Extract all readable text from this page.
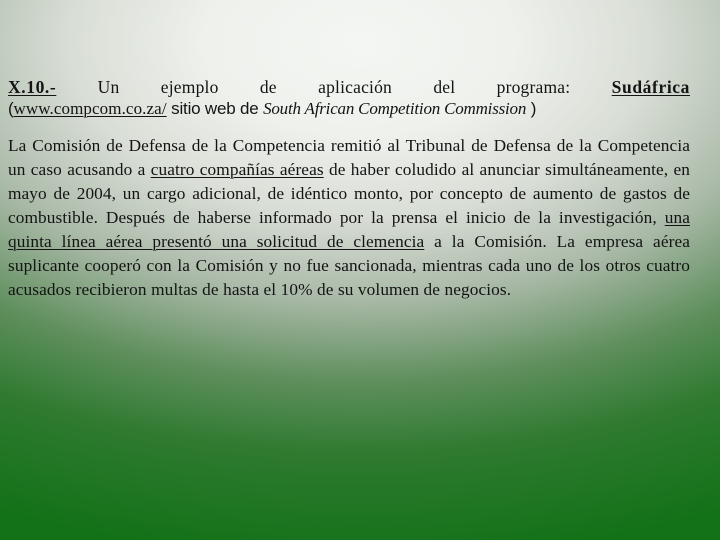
X.10.- Un ejemplo de aplicación del programa: Sudáfrica

(www.compcom.co.za/ sitio web de South African Competition Commission )

La Comisión de Defensa de la Competencia remitió al Tribunal de Defensa de la Competencia un caso acusando a cuatro compañías aéreas de haber coludido al anunciar simultáneamente, en mayo de 2004, un cargo adicional, de idéntico monto, por concepto de aumento de gastos de combustible. Después de haberse informado por la prensa el inicio de la investigación, una quinta línea aérea presentó una solicitud de clemencia a la Comisión. La empresa aérea suplicante cooperó con la Comisión y no fue sancionada, mientras cada uno de los otros cuatro acusados recibieron multas de hasta el 10% de su volumen de negocios.
